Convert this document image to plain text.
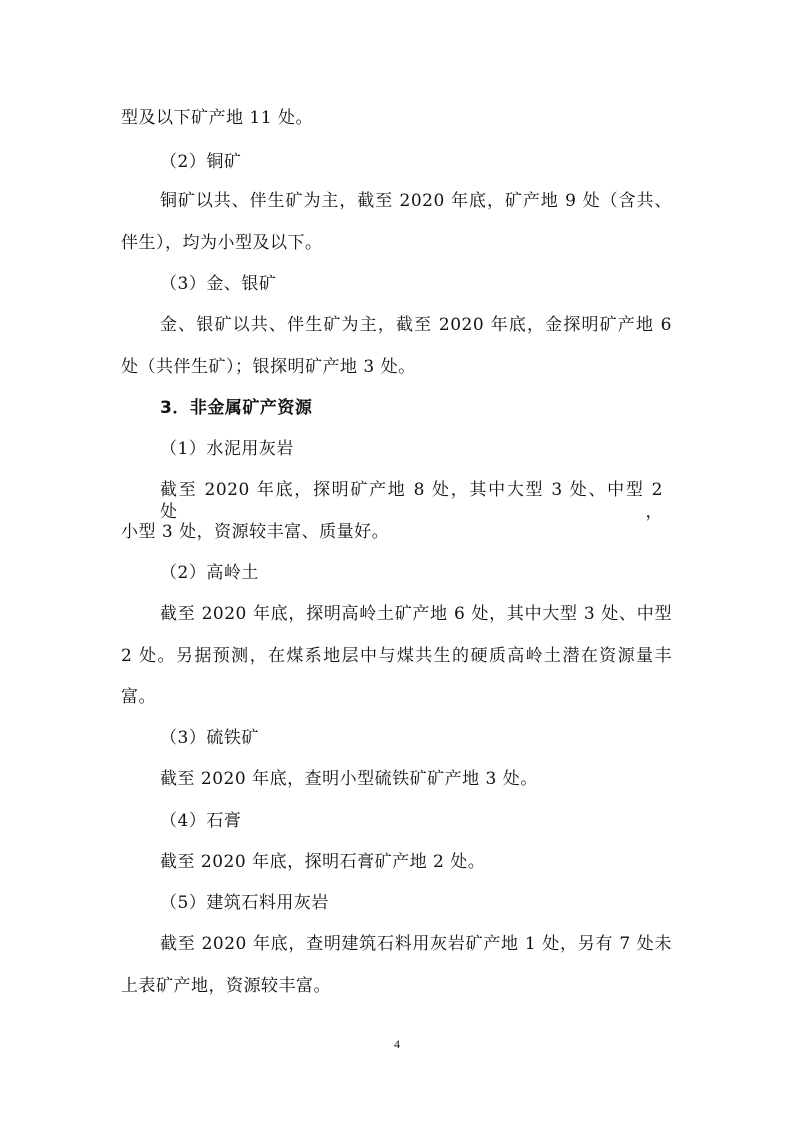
型及以下矿产地 11 处。
（2）铜矿
铜矿以共、伴生矿为主，截至 2020 年底，矿产地 9 处（含共、
伴生），均为小型及以下。
（3）金、银矿
金、银矿以共、伴生矿为主，截至 2020 年底，金探明矿产地 6
处（共伴生矿）；银探明矿产地 3 处。
3．非金属矿产资源
（1）水泥用灰岩
截至 2020 年底，探明矿产地 8 处，其中大型 3 处、中型 2 处，
小型 3 处，资源较丰富、质量好。
（2）高岭土
截至 2020 年底，探明高岭土矿产地 6 处，其中大型 3 处、中型
2 处。另据预测，在煤系地层中与煤共生的硬质高岭土潜在资源量丰
富。
（3）硫铁矿
截至 2020 年底，查明小型硫铁矿矿产地 3 处。
（4）石膏
截至 2020 年底，探明石膏矿产地 2 处。
（5）建筑石料用灰岩
截至 2020 年底，查明建筑石料用灰岩矿产地 1 处，另有 7 处未
上表矿产地，资源较丰富。
4
